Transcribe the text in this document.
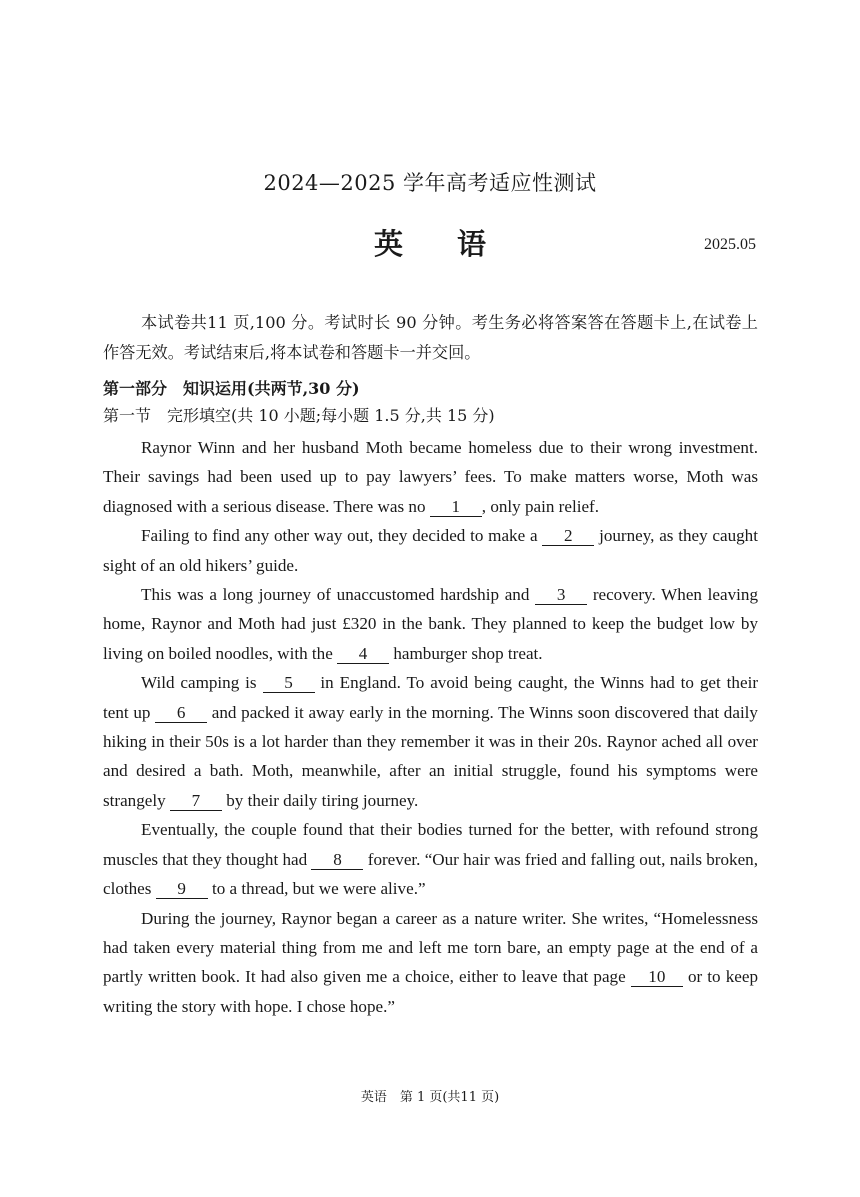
2024—2025 学年高考适应性测试
英语	2025.05
本试卷共11 页,100 分。考试时长 90 分钟。考生务必将答案答在答题卡上,在试卷上作答无效。考试结束后,将本试卷和答题卡一并交回。
第一部分　知识运用(共两节,30 分)
第一节　完形填空(共 10 小题;每小题 1.5 分,共 15 分)

Raynor Winn and her husband Moth became homeless due to their wrong investment. Their savings had been used up to pay lawyers’ fees. To make matters worse, Moth was diagnosed with a serious disease. There was no 1 , only pain relief.

Failing to find any other way out, they decided to make a 2 journey, as they caught sight of an old hikers’ guide.

This was a long journey of unaccustomed hardship and 3 recovery. When leaving home, Raynor and Moth had just £320 in the bank. They planned to keep the budget low by living on boiled noodles, with the 4 hamburger shop treat.

Wild camping is 5 in England. To avoid being caught, the Winns had to get their tent up 6 and packed it away early in the morning. The Winns soon discovered that daily hiking in their 50s is a lot harder than they remember it was in their 20s. Raynor ached all over and desired a bath. Moth, meanwhile, after an initial struggle, found his symptoms were strangely 7 by their daily tiring journey.

Eventually, the couple found that their bodies turned for the better, with refound strong muscles that they thought had 8 forever. “Our hair was fried and falling out, nails broken, clothes 9 to a thread, but we were alive.”

During the journey, Raynor began a career as a nature writer. She writes, “Homelessness had taken every material thing from me and left me torn bare, an empty page at the end of a partly written book. It had also given me a choice, either to leave that page 10 or to keep writing the story with hope. I chose hope.”

英语　第 1 页(共11 页)
